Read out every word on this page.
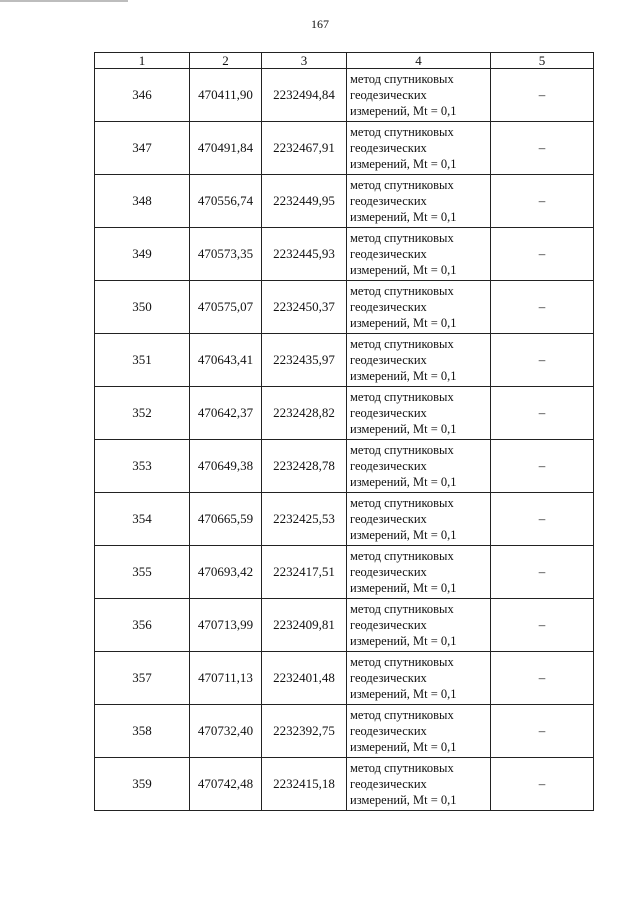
167
1	2	3	4	5
346	470411,90	2232494,84	метод спутниковых
геодезических
измерений, Mt = 0,1	–
347	470491,84	2232467,91	метод спутниковых
геодезических
измерений, Mt = 0,1	–
348	470556,74	2232449,95	метод спутниковых
геодезических
измерений, Mt = 0,1	–
349	470573,35	2232445,93	метод спутниковых
геодезических
измерений, Mt = 0,1	–
350	470575,07	2232450,37	метод спутниковых
геодезических
измерений, Mt = 0,1	–
351	470643,41	2232435,97	метод спутниковых
геодезических
измерений, Mt = 0,1	–
352	470642,37	2232428,82	метод спутниковых
геодезических
измерений, Mt = 0,1	–
353	470649,38	2232428,78	метод спутниковых
геодезических
измерений, Mt = 0,1	–
354	470665,59	2232425,53	метод спутниковых
геодезических
измерений, Mt = 0,1	–
355	470693,42	2232417,51	метод спутниковых
геодезических
измерений, Mt = 0,1	–
356	470713,99	2232409,81	метод спутниковых
геодезических
измерений, Mt = 0,1	–
357	470711,13	2232401,48	метод спутниковых
геодезических
измерений, Mt = 0,1	–
358	470732,40	2232392,75	метод спутниковых
геодезических
измерений, Mt = 0,1	–
359	470742,48	2232415,18	метод спутниковых
геодезических
измерений, Mt = 0,1	–
